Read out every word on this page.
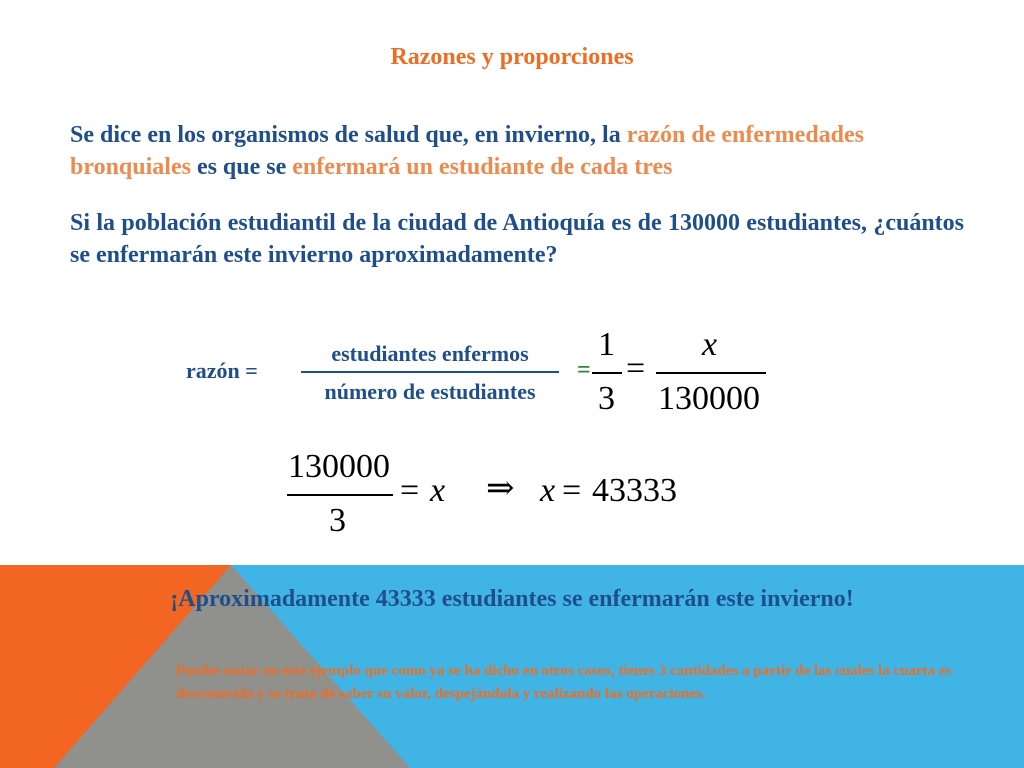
Razones y proporciones
Se dice en los organismos de salud que, en invierno, la razón de enfermedades bronquiales es que se enfermará un estudiante de cada tres
Si la población estudiantil de la ciudad de Antioquía es de 130000 estudiantes, ¿cuántos se enfermarán este invierno aproximadamente?
razón =
estudiantes enfermos
número de estudiantes
=
1
3
=
x
130000
130000
3
= x ⇒ x = 43333
¡Aproximadamente 43333 estudiantes se enfermarán este invierno!
Puedes notar en este ejemplo que como ya se ha dicho en otros casos, tienes 3 cantidades a partir de las cuales la cuarta es desconocida y se trata de saber su valor, despejándola y realizando las operaciones.
